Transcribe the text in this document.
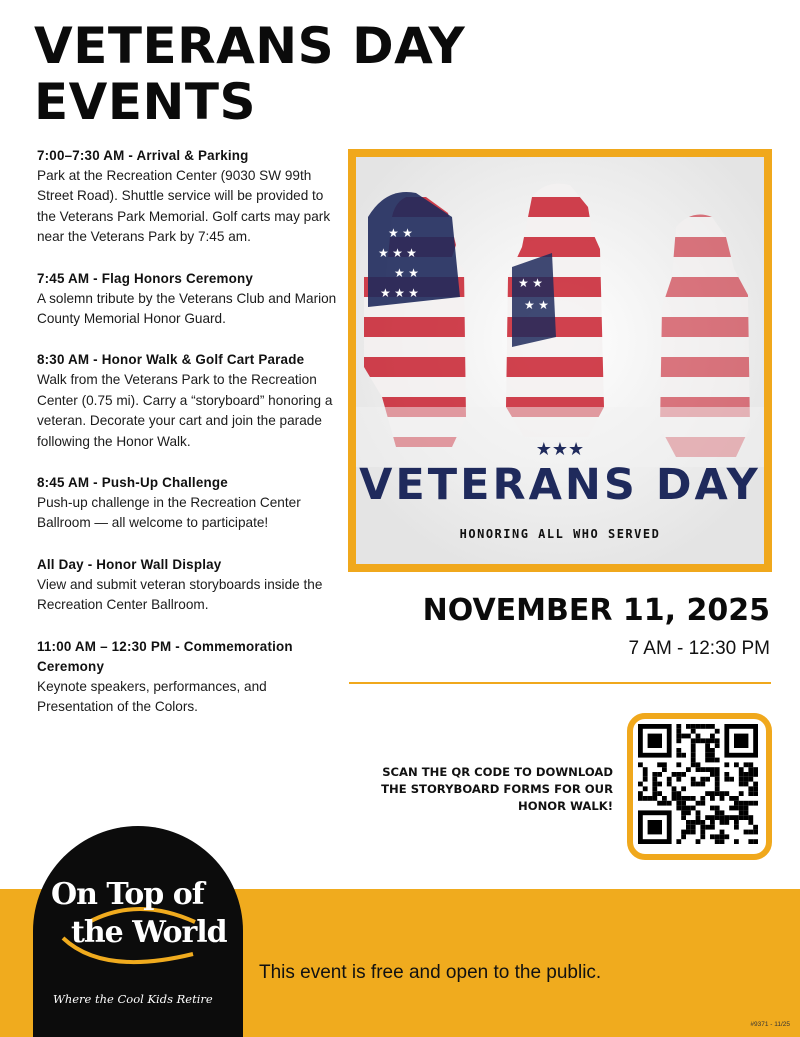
VETERANS DAY
EVENTS
7:00–7:30 AM - Arrival & Parking
Park at the Recreation Center (9030 SW 99th Street Road). Shuttle service will be provided to the Veterans Park Memorial. Golf carts may park near the Veterans Park by 7:45 am.
7:45 AM - Flag Honors Ceremony
A solemn tribute by the Veterans Club and Marion County Memorial Honor Guard.
8:30 AM - Honor Walk & Golf Cart Parade
Walk from the Veterans Park to the Recreation Center (0.75 mi). Carry a “storyboard” honoring a veteran. Decorate your cart and join the parade following the Honor Walk.
8:45 AM - Push-Up Challenge
Push-up challenge in the Recreation Center Ballroom — all welcome to participate!
All Day - Honor Wall Display
View and submit veteran storyboards inside the Recreation Center Ballroom.
11:00 AM – 12:30 PM - Commemoration Ceremony
Keynote speakers, performances, and Presentation of the Colors.
★ ★
★ ★ ★
★ ★
★ ★ ★
★ ★
★ ★
★★★
VETERANS DAY
HONORING ALL WHO SERVED
NOVEMBER 11, 2025
7 AM - 12:30 PM
SCAN THE QR CODE TO DOWNLOAD THE STORYBOARD FORMS FOR OUR HONOR WALK!
This event is free and open to the public.
#9371 - 11/25
On Top of
the World
Where the Cool Kids Retire
